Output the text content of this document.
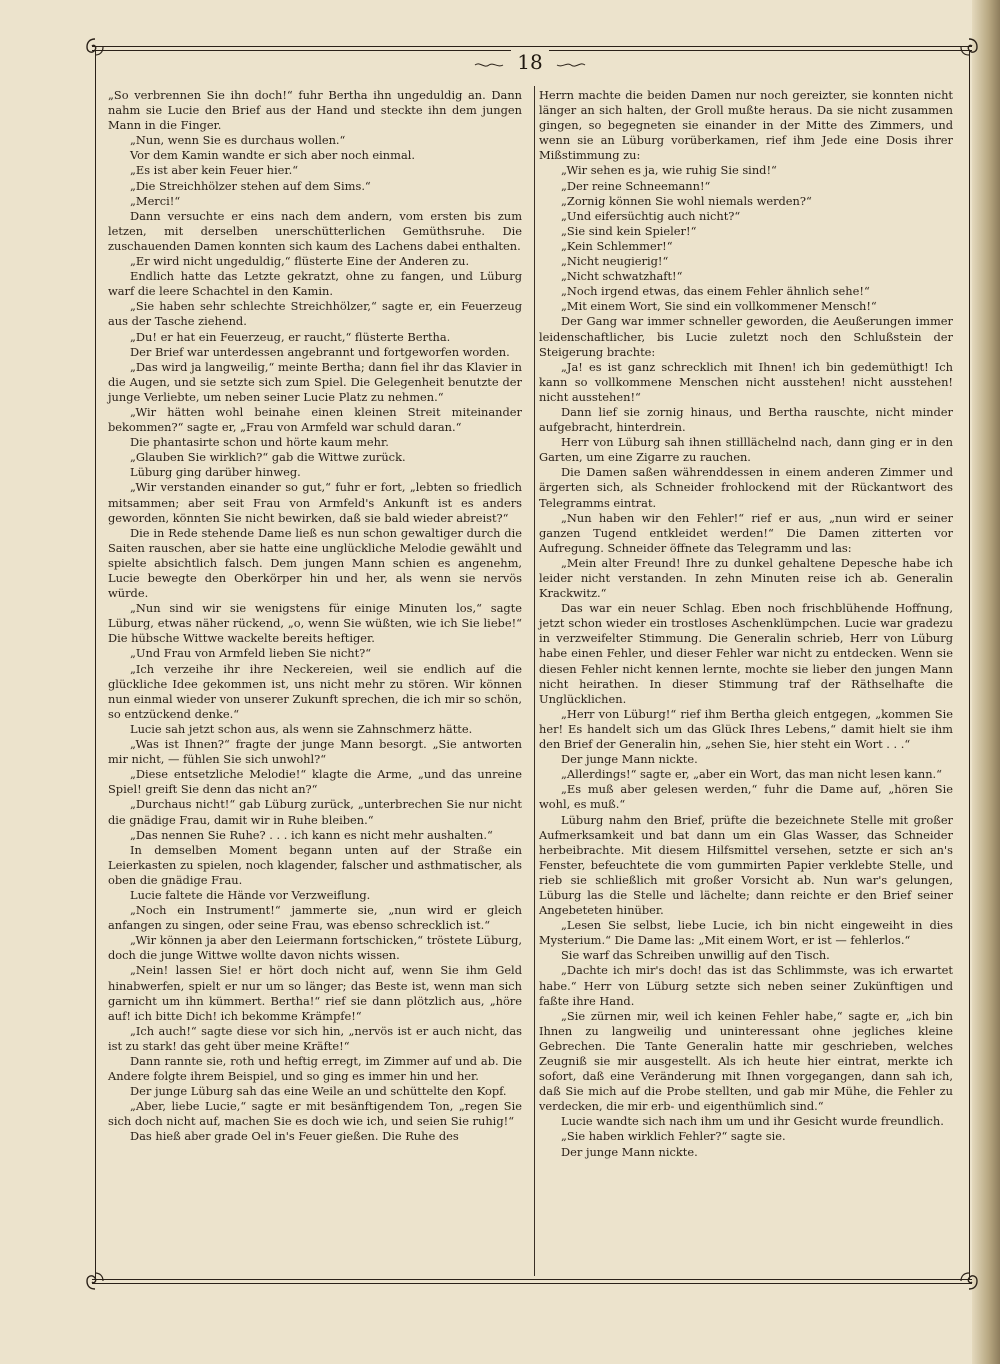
18

„So verbrennen Sie ihn doch!“ fuhr Bertha ihn ungeduldig an. Dann nahm sie Lucie den Brief aus der Hand und steckte ihn dem jungen Mann in die Finger.

„Nun, wenn Sie es durchaus wollen.“

Vor dem Kamin wandte er sich aber noch einmal.

„Es ist aber kein Feuer hier.“

„Die Streichhölzer stehen auf dem Sims.“

„Merci!“

Dann versuchte er eins nach dem andern, vom ersten bis zum letzen, mit derselben unerschütterlichen Gemüthsruhe. Die zuschauenden Damen konnten sich kaum des Lachens dabei enthalten.

„Er wird nicht ungeduldig,“ flüsterte Eine der Anderen zu.

Endlich hatte das Letzte gekratzt, ohne zu fangen, und Lüburg warf die leere Schachtel in den Kamin.

„Sie haben sehr schlechte Streichhölzer,“ sagte er, ein Feuerzeug aus der Tasche ziehend.

„Du! er hat ein Feuerzeug, er raucht,“ flüsterte Bertha.

Der Brief war unterdessen angebrannt und fortgeworfen worden.

„Das wird ja langweilig,“ meinte Bertha; dann fiel ihr das Klavier in die Augen, und sie setzte sich zum Spiel. Die Gelegenheit benutzte der junge Verliebte, um neben seiner Lucie Platz zu nehmen.“

„Wir hätten wohl beinahe einen kleinen Streit miteinander bekommen?“ sagte er, „Frau von Armfeld war schuld daran.“

Die phantasirte schon und hörte kaum mehr.

„Glauben Sie wirklich?“ gab die Wittwe zurück.

Lüburg ging darüber hinweg.

„Wir verstanden einander so gut,“ fuhr er fort, „lebten so friedlich mitsammen; aber seit Frau von Armfeld's Ankunft ist es anders geworden, könnten Sie nicht bewirken, daß sie bald wieder abreist?“

Die in Rede stehende Dame ließ es nun schon gewaltiger durch die Saiten rauschen, aber sie hatte eine unglückliche Melodie gewählt und spielte absichtlich falsch. Dem jungen Mann schien es angenehm, Lucie bewegte den Oberkörper hin und her, als wenn sie nervös würde.

„Nun sind wir sie wenigstens für einige Minuten los,“ sagte Lüburg, etwas näher rückend, „o, wenn Sie wüßten, wie ich Sie liebe!“ Die hübsche Wittwe wackelte bereits heftiger.

„Und Frau von Armfeld lieben Sie nicht?“

„Ich verzeihe ihr ihre Neckereien, weil sie endlich auf die glückliche Idee gekommen ist, uns nicht mehr zu stören. Wir können nun einmal wieder von unserer Zukunft sprechen, die ich mir so schön, so entzückend denke.“

Lucie sah jetzt schon aus, als wenn sie Zahnschmerz hätte.

„Was ist Ihnen?“ fragte der junge Mann besorgt. „Sie antworten mir nicht, — fühlen Sie sich unwohl?“

„Diese entsetzliche Melodie!“ klagte die Arme, „und das unreine Spiel! greift Sie denn das nicht an?“

„Durchaus nicht!“ gab Lüburg zurück, „unterbrechen Sie nur nicht die gnädige Frau, damit wir in Ruhe bleiben.“

„Das nennen Sie Ruhe? . . . ich kann es nicht mehr aushalten.“

In demselben Moment begann unten auf der Straße ein Leierkasten zu spielen, noch klagender, falscher und asthmatischer, als oben die gnädige Frau.

Lucie faltete die Hände vor Verzweiflung.

„Noch ein Instrument!“ jammerte sie, „nun wird er gleich anfangen zu singen, oder seine Frau, was ebenso schrecklich ist.“

„Wir können ja aber den Leiermann fortschicken,“ tröstete Lüburg, doch die junge Wittwe wollte davon nichts wissen.

„Nein! lassen Sie! er hört doch nicht auf, wenn Sie ihm Geld hinabwerfen, spielt er nur um so länger; das Beste ist, wenn man sich garnicht um ihn kümmert. Bertha!“ rief sie dann plötzlich aus, „höre auf! ich bitte Dich! ich bekomme Krämpfe!“

„Ich auch!“ sagte diese vor sich hin, „nervös ist er auch nicht, das ist zu stark! das geht über meine Kräfte!“

Dann rannte sie, roth und heftig erregt, im Zimmer auf und ab. Die Andere folgte ihrem Beispiel, und so ging es immer hin und her.

Der junge Lüburg sah das eine Weile an und schüttelte den Kopf.

„Aber, liebe Lucie,“ sagte er mit besänftigendem Ton, „regen Sie sich doch nicht auf, machen Sie es doch wie ich, und seien Sie ruhig!“

Das hieß aber grade Oel in's Feuer gießen. Die Ruhe des

Herrn machte die beiden Damen nur noch gereizter, sie konnten nicht länger an sich halten, der Groll mußte heraus. Da sie nicht zusammen gingen, so begegneten sie einander in der Mitte des Zimmers, und wenn sie an Lüburg vorüberkamen, rief ihm Jede eine Dosis ihrer Mißstimmung zu:

„Wir sehen es ja, wie ruhig Sie sind!“

„Der reine Schneemann!“

„Zornig können Sie wohl niemals werden?“

„Und eifersüchtig auch nicht?“

„Sie sind kein Spieler!“

„Kein Schlemmer!“

„Nicht neugierig!“

„Nicht schwatzhaft!“

„Noch irgend etwas, das einem Fehler ähnlich sehe!“

„Mit einem Wort, Sie sind ein vollkommener Mensch!“

Der Gang war immer schneller geworden, die Aeußerungen immer leidenschaftlicher, bis Lucie zuletzt noch den Schlußstein der Steigerung brachte:

„Ja! es ist ganz schrecklich mit Ihnen! ich bin gedemüthigt! Ich kann so vollkommene Menschen nicht ausstehen! nicht ausstehen! nicht ausstehen!“

Dann lief sie zornig hinaus, und Bertha rauschte, nicht minder aufgebracht, hinterdrein.

Herr von Lüburg sah ihnen stilllächelnd nach, dann ging er in den Garten, um eine Zigarre zu rauchen.

Die Damen saßen währenddessen in einem anderen Zimmer und ärgerten sich, als Schneider frohlockend mit der Rückantwort des Telegramms eintrat.

„Nun haben wir den Fehler!“ rief er aus, „nun wird er seiner ganzen Tugend entkleidet werden!“ Die Damen zitterten vor Aufregung. Schneider öffnete das Telegramm und las:

„Mein alter Freund! Ihre zu dunkel gehaltene Depesche habe ich leider nicht verstanden. In zehn Minuten reise ich ab. Generalin Krackwitz.“

Das war ein neuer Schlag. Eben noch frischblühende Hoffnung, jetzt schon wieder ein trostloses Aschenklümpchen. Lucie war gradezu in verzweifelter Stimmung. Die Generalin schrieb, Herr von Lüburg habe einen Fehler, und dieser Fehler war nicht zu entdecken. Wenn sie diesen Fehler nicht kennen lernte, mochte sie lieber den jungen Mann nicht heirathen. In dieser Stimmung traf der Räthselhafte die Unglücklichen.

„Herr von Lüburg!“ rief ihm Bertha gleich entgegen, „kommen Sie her! Es handelt sich um das Glück Ihres Lebens,“ damit hielt sie ihm den Brief der Generalin hin, „sehen Sie, hier steht ein Wort . . .“

Der junge Mann nickte.

„Allerdings!“ sagte er, „aber ein Wort, das man nicht lesen kann.“

„Es muß aber gelesen werden,“ fuhr die Dame auf, „hören Sie wohl, es muß.“

Lüburg nahm den Brief, prüfte die bezeichnete Stelle mit großer Aufmerksamkeit und bat dann um ein Glas Wasser, das Schneider herbeibrachte. Mit diesem Hilfsmittel versehen, setzte er sich an's Fenster, befeuchtete die vom gummirten Papier verklebte Stelle, und rieb sie schließlich mit großer Vorsicht ab. Nun war's gelungen, Lüburg las die Stelle und lächelte; dann reichte er den Brief seiner Angebeteten hinüber.

„Lesen Sie selbst, liebe Lucie, ich bin nicht eingeweiht in dies Mysterium.“ Die Dame las: „Mit einem Wort, er ist — fehlerlos.“

Sie warf das Schreiben unwillig auf den Tisch.

„Dachte ich mir's doch! das ist das Schlimmste, was ich erwartet habe.“ Herr von Lüburg setzte sich neben seiner Zukünftigen und faßte ihre Hand.

„Sie zürnen mir, weil ich keinen Fehler habe,“ sagte er, „ich bin Ihnen zu langweilig und uninteressant ohne jegliches kleine Gebrechen. Die Tante Generalin hatte mir geschrieben, welches Zeugniß sie mir ausgestellt. Als ich heute hier eintrat, merkte ich sofort, daß eine Veränderung mit Ihnen vorgegangen, dann sah ich, daß Sie mich auf die Probe stellten, und gab mir Mühe, die Fehler zu verdecken, die mir erb- und eigenthümlich sind.“

Lucie wandte sich nach ihm um und ihr Gesicht wurde freundlich.

„Sie haben wirklich Fehler?“ sagte sie.

Der junge Mann nickte.
